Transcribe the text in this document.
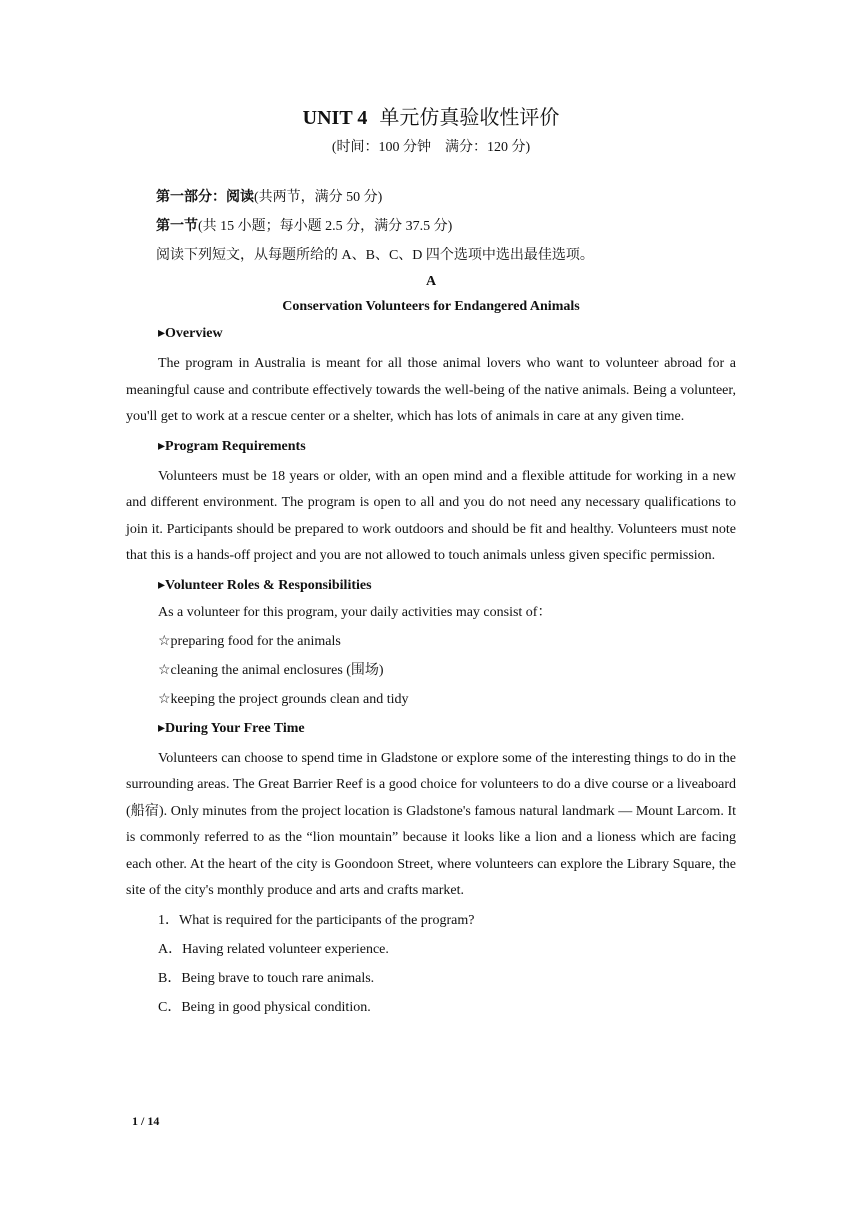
UNIT 4 单元仿真验收性评价
(时间：100 分钟　满分：120 分)
第一部分：阅读(共两节，满分 50 分)
第一节(共 15 小题；每小题 2.5 分，满分 37.5 分)
阅读下列短文，从每题所给的 A、B、C、D 四个选项中选出最佳选项。
A
Conservation Volunteers for Endangered Animals
▸Overview

The program in Australia is meant for all those animal lovers who want to volunteer abroad for a meaningful cause and contribute effectively towards the well-being of the native animals. Being a volunteer, you'll get to work at a rescue center or a shelter, which has lots of animals in care at any given time.

▸Program Requirements

Volunteers must be 18 years or older, with an open mind and a flexible attitude for working in a new and different environment. The program is open to all and you do not need any necessary qualifications to join it. Participants should be prepared to work outdoors and should be fit and healthy. Volunteers must note that this is a hands-off project and you are not allowed to touch animals unless given specific permission.

▸Volunteer Roles & Responsibilities
As a volunteer for this program, your daily activities may consist of：
☆preparing food for the animals
☆cleaning the animal enclosures (围场)
☆keeping the project grounds clean and tidy
▸During Your Free Time

Volunteers can choose to spend time in Gladstone or explore some of the interesting things to do in the surrounding areas. The Great Barrier Reef is a good choice for volunteers to do a dive course or a liveaboard (船宿). Only minutes from the project location is Gladstone's famous natural landmark — Mount Larcom. It is commonly referred to as the “lion mountain” because it looks like a lion and a lioness which are facing each other. At the heart of the city is Goondoon Street, where volunteers can explore the Library Square, the site of the city's monthly produce and arts and crafts market.

1．What is required for the participants of the program?
A．Having related volunteer experience.
B．Being brave to touch rare animals.
C．Being in good physical condition.
1 / 14
